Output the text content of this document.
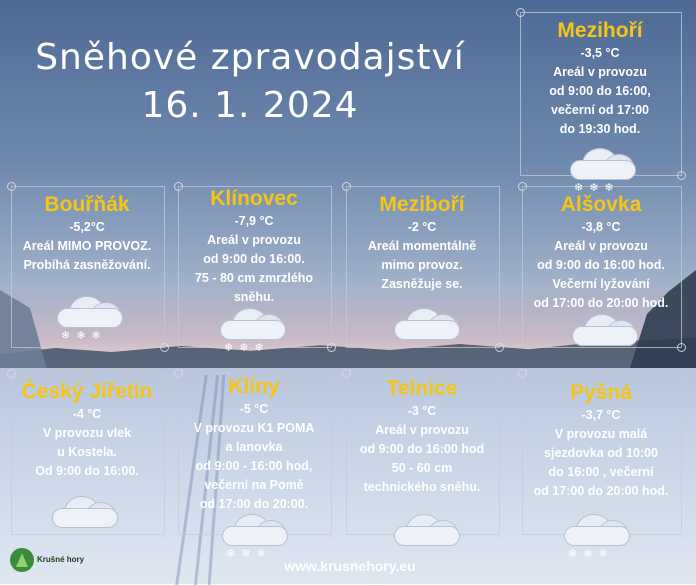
Sněhové zpravodajství
16. 1. 2024
Mezihoří
-3,5 °C
Areál v provozu
od 9:00 do 16:00,
večerní od 17:00
do 19:30 hod.
❄❄❄
Bouřňák
-5,2°C
Areál MIMO PROVOZ.
Probíhá zasněžování.
❄❄❄
Klínovec
-7,9 °C
Areál v provozu
od 9:00 do 16:00.
75 - 80 cm zmrzlého
sněhu.
❄❄❄
Meziboří
-2 °C
Areál momentálně
mimo provoz.
Zasněžuje se.
Alšovka
-3,8 °C
Areál v provozu
od 9:00 do 16:00 hod.
Večerní lyžování
od 17:00 do 20:00 hod.
Český Jiřetín
-4 °C
V provozu vlek
u Kostela.
Od 9:00 do 16:00.
Klíny
-5 °C
V provozu K1 POMA
a lanovka
od 9:00 - 16:00 hod,
večerní na Pomě
od 17:00 do 20:00.
❄❄❄
Telnice
-3 °C
Areál v provozu
od 9:00 do 16:00 hod
50 - 60 cm
technického sněhu.
Pyšná
-3,7 °C
V provozu malá
sjezdovka od 10:00
do 16:00 , večerní
od 17:00 do 20:00 hod.
❄❄❄
Krušné hory	www.krusnehory.eu
